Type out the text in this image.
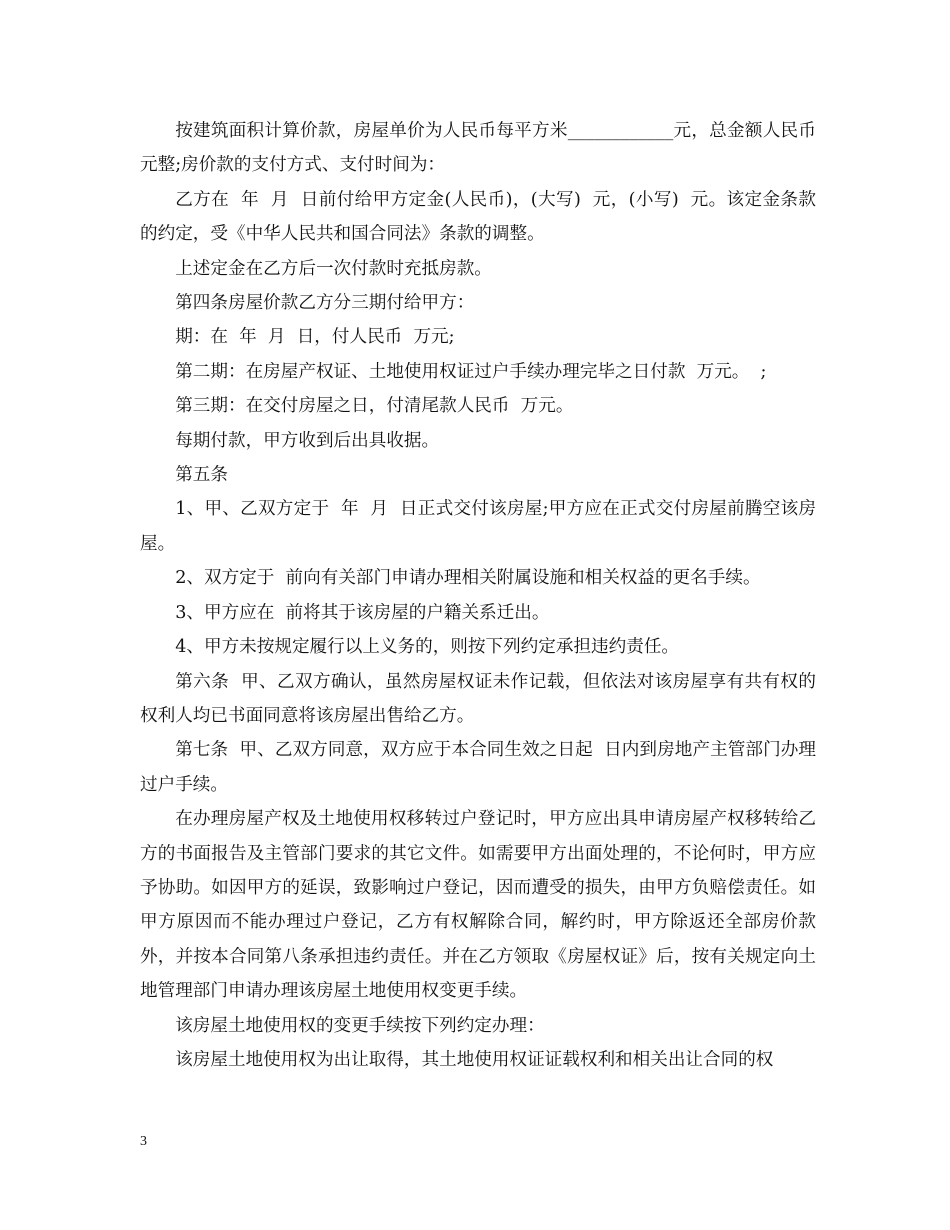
按建筑面积计算价款，房屋单价为人民币每平方米____________元，总金额人民币  元整;房价款的支付方式、支付时间为：

乙方在  年  月  日前付给甲方定金(人民币)，(大写)  元，(小写)  元。该定金条款的约定，受《中华人民共和国合同法》条款的调整。

上述定金在乙方后一次付款时充抵房款。

第四条房屋价款乙方分三期付给甲方：

期：在  年  月  日，付人民币  万元;

第二期：在房屋产权证、土地使用权证过户手续办理完毕之日付款  万元。  ;

第三期：在交付房屋之日，付清尾款人民币  万元。

每期付款，甲方收到后出具收据。

第五条

1、甲、乙双方定于  年  月  日正式交付该房屋;甲方应在正式交付房屋前腾空该房屋。

2、双方定于  前向有关部门申请办理相关附属设施和相关权益的更名手续。

3、甲方应在  前将其于该房屋的户籍关系迁出。

4、甲方未按规定履行以上义务的，则按下列约定承担违约责任。

第六条  甲、乙双方确认，虽然房屋权证未作记载，但依法对该房屋享有共有权的权利人均已书面同意将该房屋出售给乙方。

第七条  甲、乙双方同意，双方应于本合同生效之日起  日内到房地产主管部门办理过户手续。

在办理房屋产权及土地使用权移转过户登记时，甲方应出具申请房屋产权移转给乙方的书面报告及主管部门要求的其它文件。如需要甲方出面处理的，不论何时，甲方应予协助。如因甲方的延误，致影响过户登记，因而遭受的损失，由甲方负赔偿责任。如甲方原因而不能办理过户登记，乙方有权解除合同，解约时，甲方除返还全部房价款外，并按本合同第八条承担违约责任。并在乙方领取《房屋权证》后，按有关规定向土地管理部门申请办理该房屋土地使用权变更手续。

该房屋土地使用权的变更手续按下列约定办理：

该房屋土地使用权为出让取得，其土地使用权证证载权利和相关出让合同的权

3
